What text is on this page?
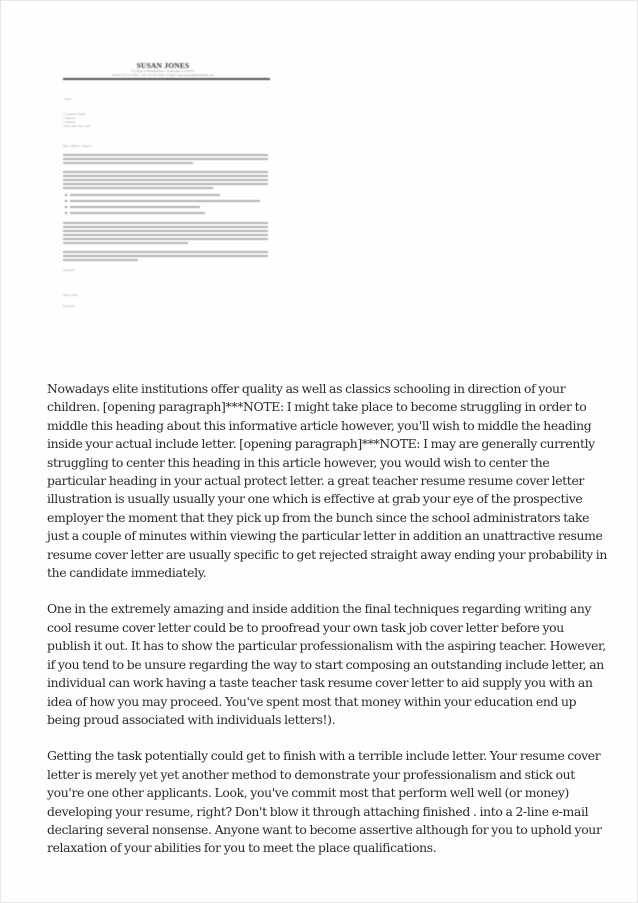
SUSAN JONES
5% Main or Pleasant Place • Somewhere, CA 95077
Home: 555-555-2000 • Cell: 555-555-2003 • E-mail: susan.jones@internetmail.com
<Date>
<Company Name>
<Address>
<Address>
<City, State Zip Code>
Dear <Hiller> <Name>:
Sincerely,
Susan Jones
Enclosure

Nowadays elite institutions offer quality as well as classics schooling in direction of your children. [opening paragraph]***NOTE: I might take place to become struggling in order to middle this heading about this informative article however, you'll wish to middle the heading inside your actual include letter. [opening paragraph]***NOTE: I may are generally currently struggling to center this heading in this article however, you would wish to center the particular heading in your actual protect letter. a great teacher resume resume cover letter illustration is usually usually your one which is effective at grab your eye of the prospective employer the moment that they pick up from the bunch since the school administrators take just a couple of minutes within viewing the particular letter in addition an unattractive resume resume cover letter are usually specific to get rejected straight away ending your probability in the candidate immediately.

One in the extremely amazing and inside addition the final techniques regarding writing any cool resume cover letter could be to proofread your own task job cover letter before you publish it out. It has to show the particular professionalism with the aspiring teacher. However, if you tend to be unsure regarding the way to start composing an outstanding include letter, an individual can work having a taste teacher task resume cover letter to aid supply you with an idea of how you may proceed. You've spent most that money within your education end up being proud associated with individuals letters!).

Getting the task potentially could get to finish with a terrible include letter. Your resume cover letter is merely yet yet another method to demonstrate your professionalism and stick out you're one other applicants. Look, you've commit most that perform well well (or money) developing your resume, right? Don't blow it through attaching finished . into a 2-line e-mail declaring several nonsense. Anyone want to become assertive although for you to uphold your relaxation of your abilities for you to meet the place qualifications.
